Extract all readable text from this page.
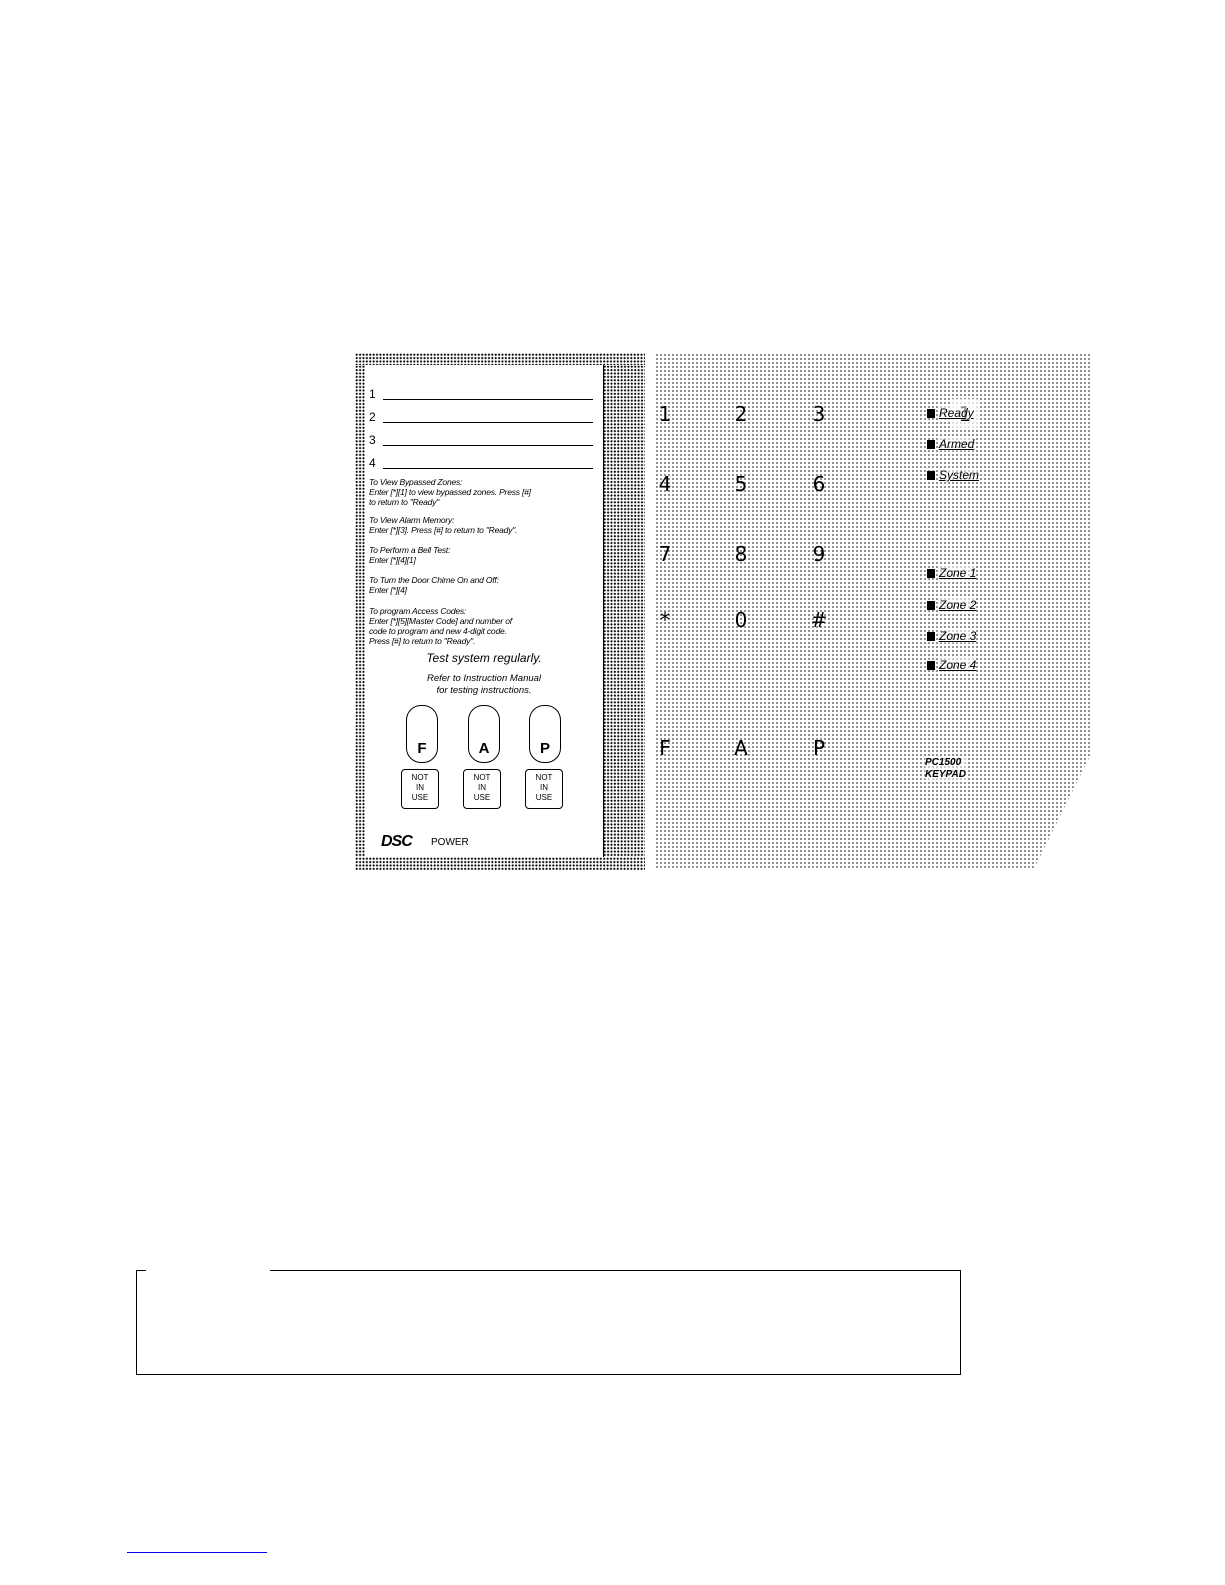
1
2
3
4
To View Bypassed Zones:
Enter [*][1] to view bypassed zones. Press [#]
to return to "Ready"
To View Alarm Memory:
Enter [*][3]. Press [#] to return to "Ready".
To Perform a Bell Test:
Enter [*][4][1]
To Turn the Door Chime On and Off:
Enter [*][4]
To program Access Codes:
Enter [*][5][Master Code] and number of
code to program and new 4-digit code.
Press [#] to return to "Ready".
Test system regularly.
Refer to Instruction Manual
for testing instructions.
F	A	P
NOT
IN
USE
NOT
IN
USE
NOT
IN
USE
DSC POWER
1	2	3
4	5	6
7	8	9
*	0	#
F	A	P
Ready
Armed
System
Zone 1
Zone 2
Zone 3
Zone 4
PC1500
KEYPAD
